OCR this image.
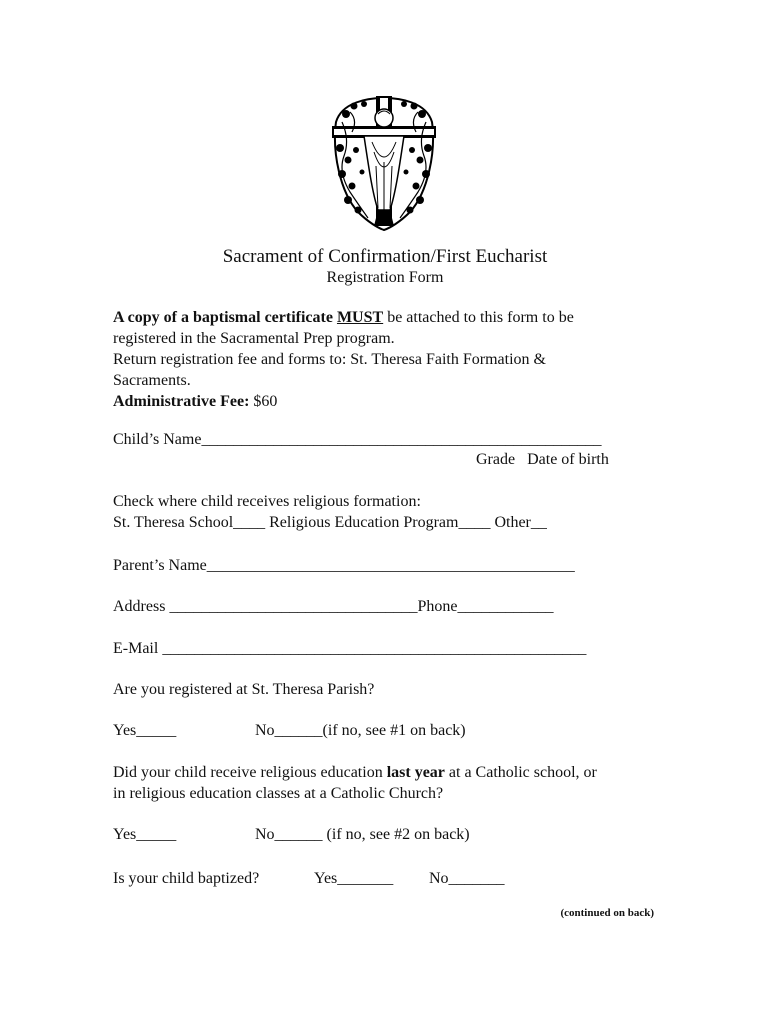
Sacrament of Confirmation/First Eucharist
Registration Form
A copy of a baptismal certificate MUST be attached to this form to be
registered in the Sacramental Prep program.
Return registration fee and forms to: St. Theresa Faith Formation &
Sacraments.
Administrative Fee: $60
Child’s Name__________________________________________________
Grade   Date of birth
Check where child receives religious formation:
St. Theresa School____ Religious Education Program____ Other__
Parent’s Name______________________________________________
Address _______________________________Phone____________
E-Mail _____________________________________________________
Are you registered at St. Theresa Parish?
Yes_____	No______(if no, see #1 on back)
Did your child receive religious education last year at a Catholic school, or
in religious education classes at a Catholic Church?
Yes_____	No______ (if no, see #2 on back)
Is your child baptized?	Yes_______ No_______
(continued on back)
